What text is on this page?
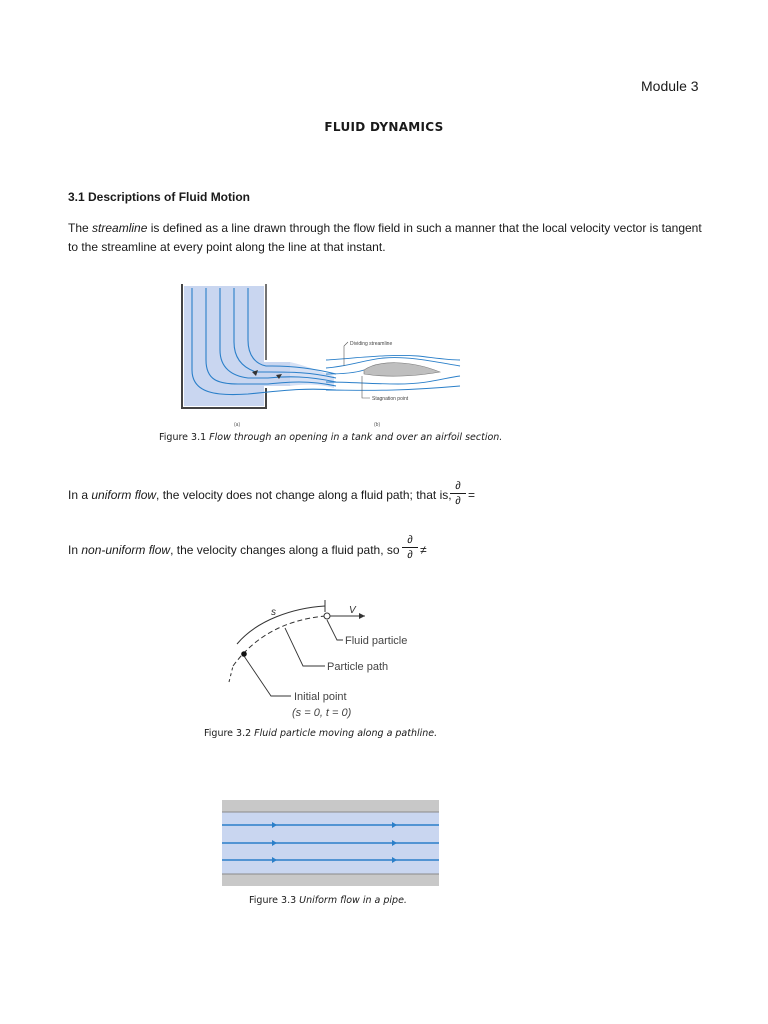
Module 3
FLUID DYNAMICS
3.1 Descriptions of Fluid Motion
The streamline is defined as a line drawn through the flow field in such a manner that the local velocity vector is tangent to the streamline at every point along the line at that instant.
Dividing streamline
Stagnation point
(a)	(b)
Figure 3.1 Flow through an opening in a tank and over an airfoil section.
In a uniform flow, the velocity does not change along a fluid path; that is,
∂
∂ =
In non-uniform flow, the velocity changes along a fluid path, so
∂
∂ ≠
s	V
Fluid particle
Particle path
Initial point
(s = 0, t = 0)
Figure 3.2 Fluid particle moving along a pathline.
Figure 3.3 Uniform flow in a pipe.
